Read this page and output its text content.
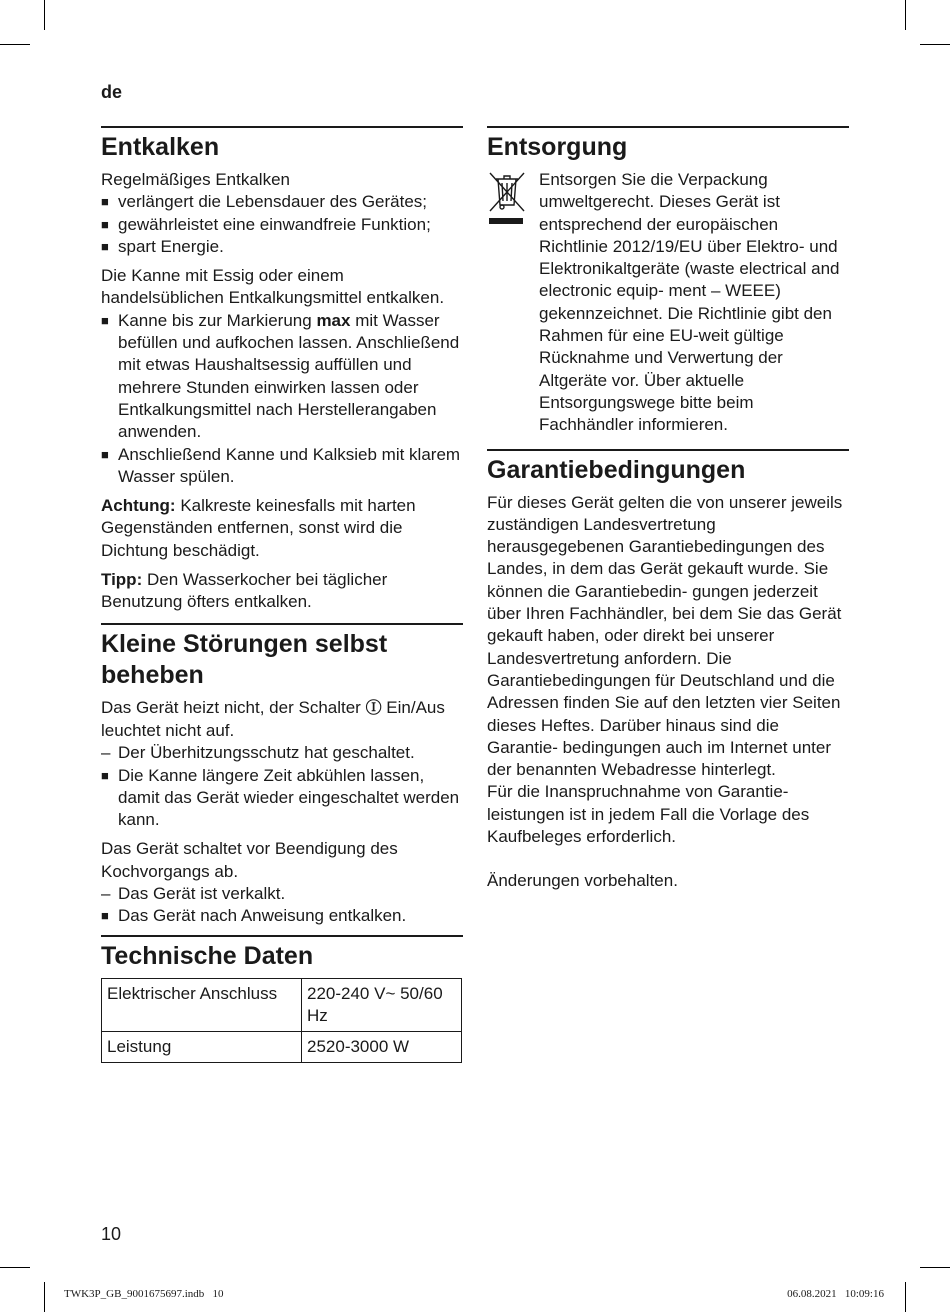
de
Entkalken

Regelmäßiges Entkalken

■ verlängert die Lebensdauer des Gerätes;
■ gewährleistet eine einwandfreie Funktion;
■ spart Energie.

Die Kanne mit Essig oder einem handelsüblichen Entkalkungsmittel entkalken.

■ Kanne bis zur Markierung max mit Wasser befüllen und aufkochen lassen. Anschließend mit etwas Haushaltsessig auffüllen und mehrere Stunden einwirken lassen oder Entkalkungsmittel nach Herstellerangaben anwenden.
■ Anschließend Kanne und Kalksieb mit klarem Wasser spülen.

Achtung: Kalkreste keinesfalls mit harten Gegenständen entfernen, sonst wird die Dichtung beschädigt.

Tipp: Den Wasserkocher bei täglicher Benutzung öfters entkalken.

Kleine Störungen selbst beheben

Das Gerät heizt nicht, der Schalter Ⓘ Ein/Aus leuchtet nicht auf.

– Der Überhitzungsschutz hat geschaltet.
■ Die Kanne längere Zeit abkühlen lassen, damit das Gerät wieder eingeschaltet werden kann.

Das Gerät schaltet vor Beendigung des Kochvorgangs ab.

– Das Gerät ist verkalkt.
■ Das Gerät nach Anweisung entkalken.
Technische Daten
Elektrischer Anschluss	220-240 V~ 50/60 Hz
Leistung	2520-3000 W
Entsorgung

Entsorgen Sie die Verpackung umweltgerecht. Dieses Gerät ist entsprechend der europäischen Richtlinie 2012/19/EU über Elektro- und Elektronikaltgeräte (waste electrical and electronic equip- ment – WEEE) gekennzeichnet. Die Richtlinie gibt den Rahmen für eine EU-weit gültige Rücknahme und Verwertung der Altgeräte vor. Über aktuelle Entsorgungswege bitte beim Fachhändler informieren.

Garantiebedingungen

Für dieses Gerät gelten die von unserer jeweils zuständigen Landesvertretung herausgegebenen Garantiebedingungen des Landes, in dem das Gerät gekauft wurde. Sie können die Garantiebedin- gungen jederzeit über Ihren Fachhändler, bei dem Sie das Gerät gekauft haben, oder direkt bei unserer Landesvertretung anfordern. Die Garantiebedingungen für Deutschland und die Adressen finden Sie auf den letzten vier Seiten dieses Heftes. Darüber hinaus sind die Garantie- bedingungen auch im Internet unter der benannten Webadresse hinterlegt.

Für die Inanspruchnahme von Garantie- leistungen ist in jedem Fall die Vorlage des Kaufbeleges erforderlich.

Änderungen vorbehalten.

10
TWK3P_GB_9001675697.indb   10	06.08.2021   10:09:16
